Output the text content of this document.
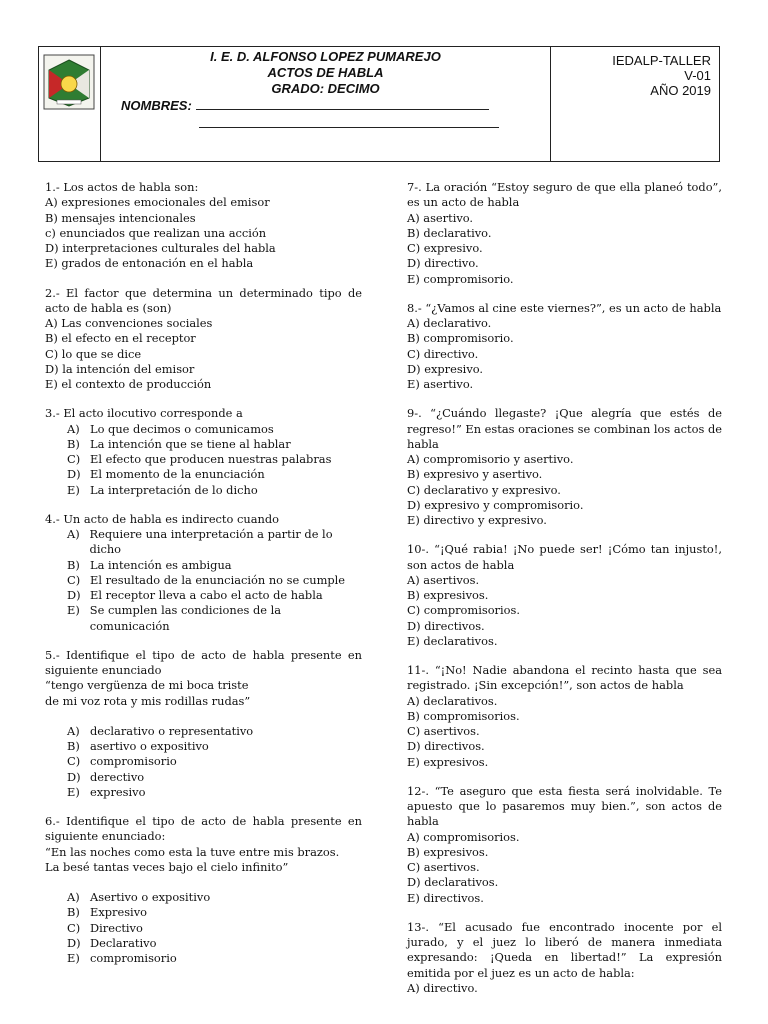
I. E. D. ALFONSO LOPEZ PUMAREJO
ACTOS DE HABLA
GRADO: DECIMO
NOMBRES:
IEDALP-TALLER
V-01
AÑO 2019

1.- Los actos de habla son:

A) expresiones emocionales del emisor

B) mensajes intencionales

c) enunciados que realizan una acción

D) interpretaciones culturales del habla

E) grados de entonación en el habla

2.- El factor que determina un determinado tipo de acto de habla es (son)

A) Las convenciones sociales

B) el efecto en el receptor

C) lo que se dice

D) la intención del emisor

E) el contexto de producción

3.- El acto ilocutivo corresponde a

A) Lo que decimos o comunicamos
B) La intención que se tiene al hablar
C) El efecto que producen nuestras palabras
D) El momento de la enunciación
E) La interpretación de lo dicho

4.- Un acto de habla es indirecto cuando

A) Requiere una interpretación a partir de lo dicho
B) La intención es ambigua
C) El resultado de la enunciación no se cumple
D) El receptor lleva a cabo el acto de habla
E) Se cumplen las condiciones de la comunicación

5.- Identifique el tipo de acto de habla presente en siguiente enunciado

“tengo vergüenza de mi boca triste

de mi voz rota y mis rodillas rudas”

A) declarativo o representativo
B) asertivo o expositivo
C) compromisorio
D) derectivo
E) expresivo

6.- Identifique el tipo de acto de habla presente en siguiente enunciado:

“En las noches como esta la tuve entre mis brazos.

La besé tantas veces bajo el cielo infinito”

A) Asertivo o expositivo
B) Expresivo
C) Directivo
D) Declarativo
E) compromisorio

7-. La oración “Estoy seguro de que ella planeó todo”, es un acto de habla

A) asertivo.

B) declarativo.

C) expresivo.

D) directivo.

E) compromisorio.

8.- “¿Vamos al cine este viernes?”, es un acto de habla

A) declarativo.

B) compromisorio.

C) directivo.

D) expresivo.

E) asertivo.

9-. “¿Cuándo llegaste? ¡Que alegría que estés de regreso!” En estas oraciones se combinan los actos de habla

A) compromisorio y asertivo.

B) expresivo y asertivo.

C) declarativo y expresivo.

D) expresivo y compromisorio.

E) directivo y expresivo.

10-. “¡Qué rabia! ¡No puede ser! ¡Cómo tan injusto!, son actos de habla

A) asertivos.

B) expresivos.

C) compromisorios.

D) directivos.

E) declarativos.

11-. “¡No! Nadie abandona el recinto hasta que sea registrado. ¡Sin excepción!”, son actos de habla

A) declarativos.

B) compromisorios.

C) asertivos.

D) directivos.

E) expresivos.

12-. “Te aseguro que esta fiesta será inolvidable. Te apuesto que lo pasaremos muy bien.”, son actos de habla

A) compromisorios.

B) expresivos.

C) asertivos.

D) declarativos.

E) directivos.

13-. “El acusado fue encontrado inocente por el jurado, y el juez lo liberó de manera inmediata expresando: ¡Queda en libertad!” La expresión emitida por el juez es un acto de habla:

A) directivo.
